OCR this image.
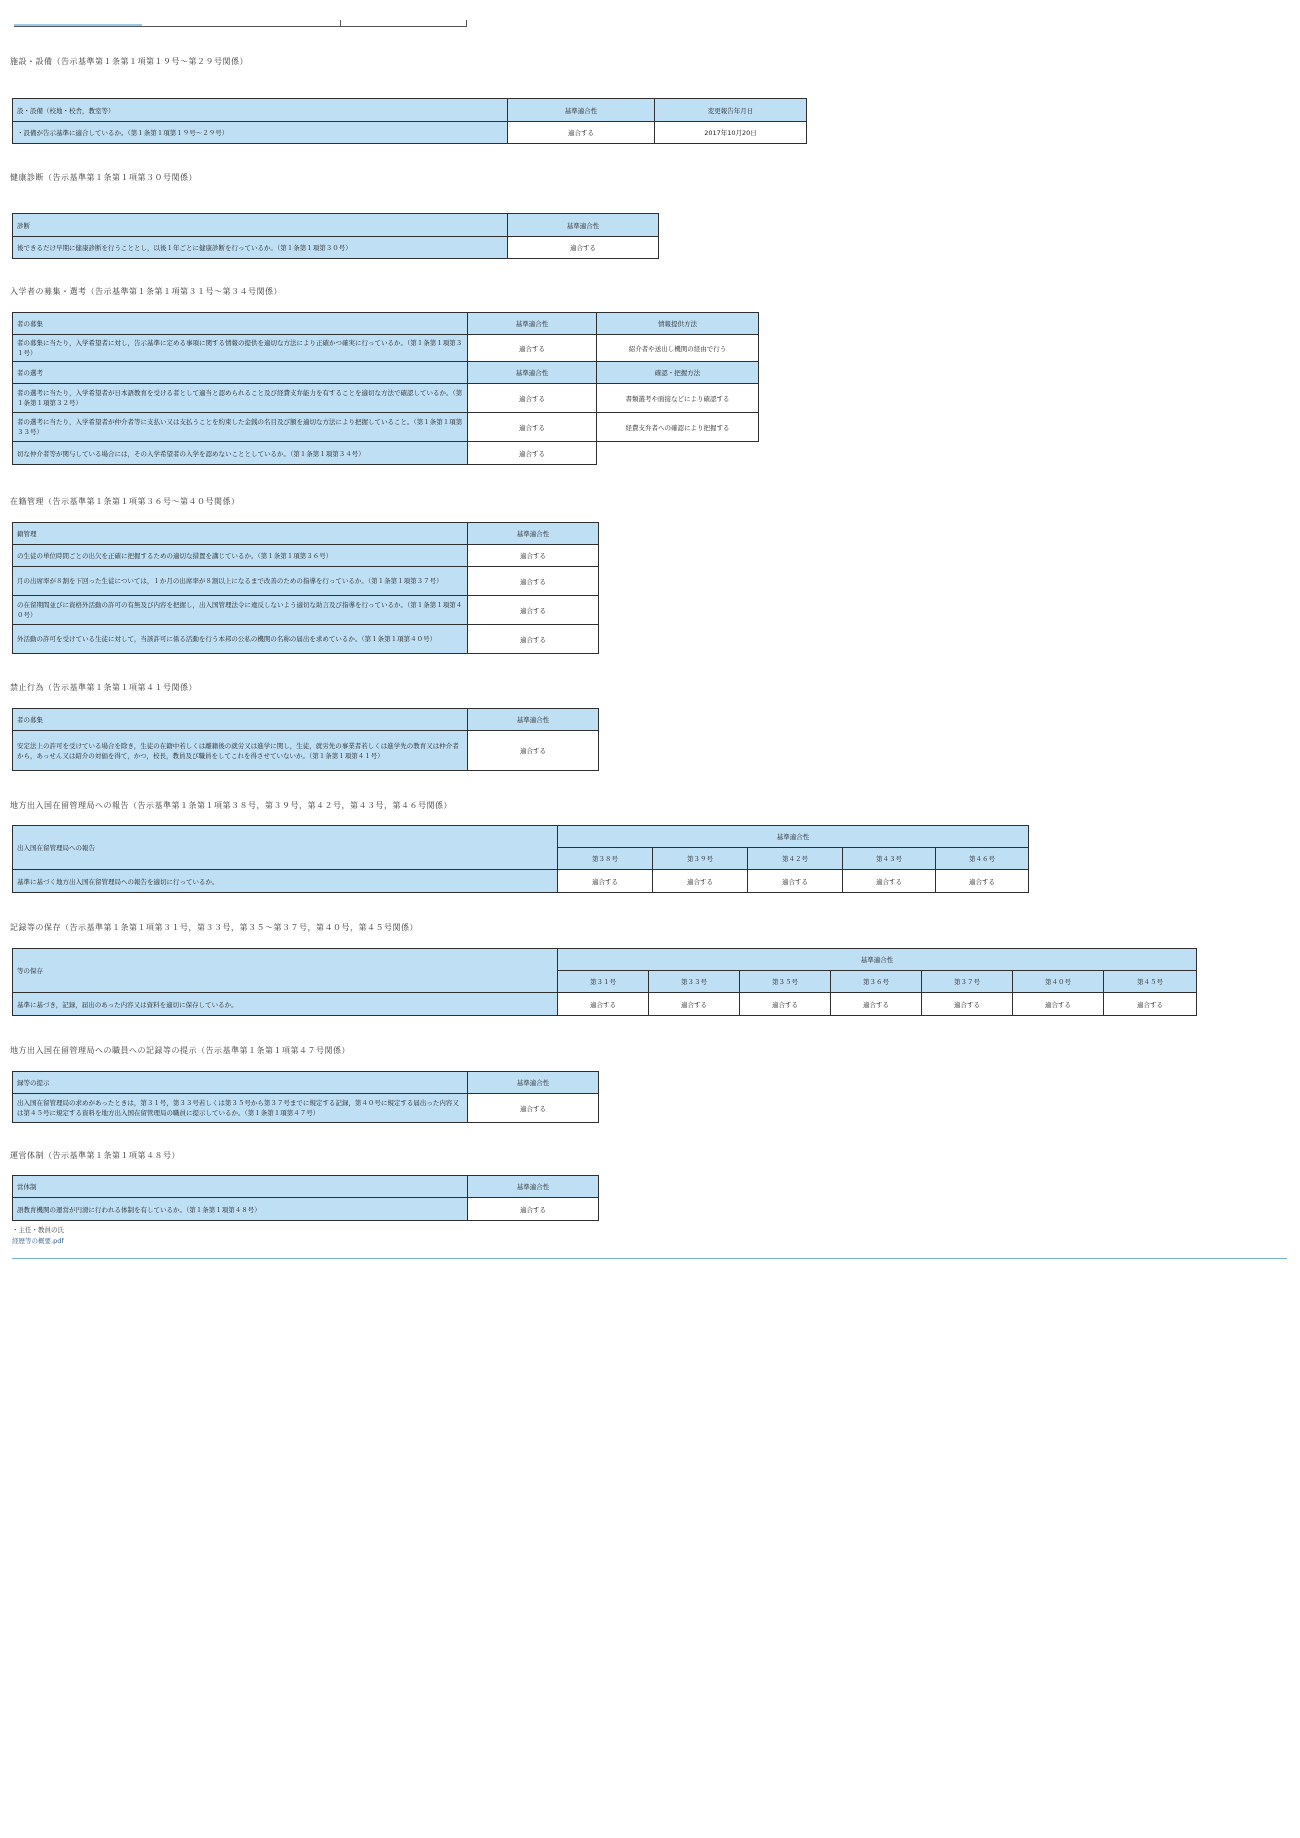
施設・設備（告示基準第１条第１項第１９号～第２９号関係）
設・設備（校地・校舎，教室等）	基準適合性	変更報告年月日
・設備が告示基準に適合しているか。（第１条第１項第１９号～２９号）	適合する	2017年10月20日
健康診断（告示基準第１条第１項第３０号関係）
診断	基準適合性
後できるだけ早期に健康診断を行うこととし，以後１年ごとに健康診断を行っているか。（第１条第１項第３０号）	適合する
入学者の募集・選考（告示基準第１条第１項第３１号～第３４号関係）
者の募集	基準適合性	情報提供方法
者の募集に当たり，入学希望者に対し，告示基準に定める事項に関する情報の提供を適切な方法により正確かつ確実に行っているか。（第１条第１項第３１号）	適合する	紹介者や送出し機関の経由で行う
者の選考	基準適合性	確認・把握方法
者の選考に当たり，入学希望者が日本語教育を受ける者として適当と認められること及び経費支弁能力を有することを適切な方法で確認しているか。（第１条第１項第３２号）	適合する	書類選考や面接などにより確認する
者の選考に当たり，入学希望者が仲介者等に支払い又は支払うことを約束した金銭の名目及び額を適切な方法により把握していること。（第１条第１項第３３号）	適合する	経費支弁者への確認により把握する
切な仲介者等が関与している場合には，その入学希望者の入学を認めないこととしているか。（第１条第１項第３４号）	適合する	
在籍管理（告示基準第１条第１項第３６号～第４０号関係）
籍管理	基準適合性
の生徒の単位時間ごとの出欠を正確に把握するための適切な措置を講じているか。（第１条第１項第３６号）	適合する
月の出席率が８割を下回った生徒については，１か月の出席率が８割以上になるまで改善のための指導を行っているか。（第１条第１項第３７号）	適合する
の在留期間並びに資格外活動の許可の有無及び内容を把握し，出入国管理法令に違反しないよう適切な助言及び指導を行っているか。（第１条第１項第４０号）	適合する
外活動の許可を受けている生徒に対して，当該許可に係る活動を行う本邦の公私の機関の名称の届出を求めているか。（第１条第１項第４０号）	適合する
禁止行為（告示基準第１条第１項第４１号関係）
者の募集	基準適合性
安定法上の許可を受けている場合を除き，生徒の在籍中若しくは離籍後の就労又は進学に関し，生徒，就労先の事業者若しくは進学先の教育又は仲介者から，あっせん又は紹介の対価を得て，かつ，校長，教員及び職員をしてこれを得させていないか。（第１条第１項第４１号）	適合する
地方出入国在留管理局への報告（告示基準第１条第１項第３８号，第３９号，第４２号，第４３号，第４６号関係）
出入国在留管理局への報告	基準適合性				
	第３８号	第３９号	第４２号	第４３号	第４６号
基準に基づく地方出入国在留管理局への報告を適切に行っているか。	適合する	適合する	適合する	適合する	適合する
記録等の保存（告示基準第１条第１項第３１号，第３３号，第３５～第３７号，第４０号，第４５号関係）
等の保存	基準適合性						
	第３１号	第３３号	第３５号	第３６号	第３７号	第４０号	第４５号
基準に基づき，記録，届出のあった内容又は資料を適切に保存しているか。	適合する	適合する	適合する	適合する	適合する	適合する	適合する
地方出入国在留管理局への職員への記録等の提示（告示基準第１条第１項第４７号関係）
録等の提示	基準適合性
出入国在留管理局の求めがあったときは，第３１号，第３３号若しくは第３５号から第３７号までに規定する記録，第４０号に規定する届出った内容又は第４５号に規定する資料を地方出入国在留管理局の職員に提示しているか。（第１条第１項第４７号）	適合する
運営体制（告示基準第１条第１項第４８号）
営体制	基準適合性
語教育機関の運営が円滑に行われる体制を有しているか。（第１条第１項第４８号）	適合する
・主任・教員の氏
経歴等の概要.pdf
